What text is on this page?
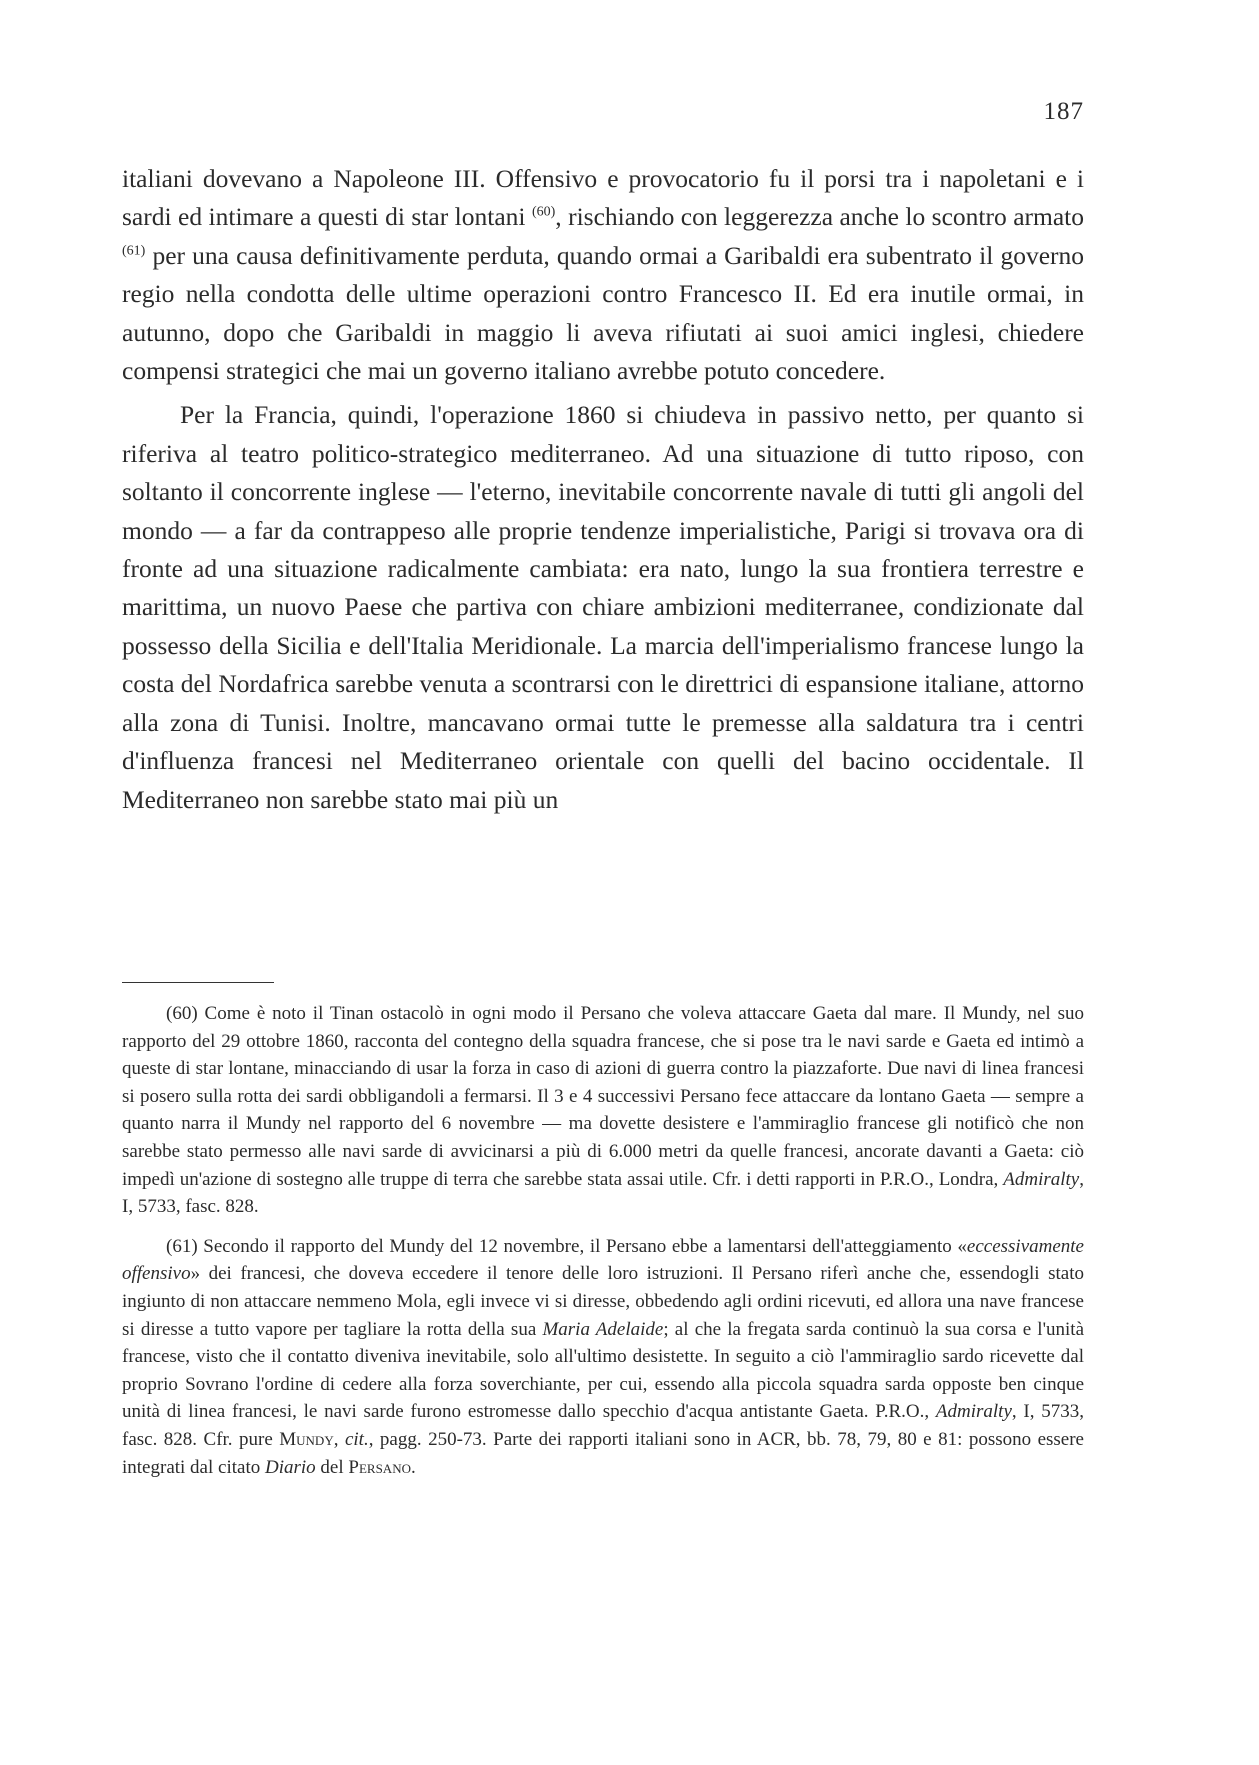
187

italiani dovevano a Napoleone III. Offensivo e provocatorio fu il porsi tra i napoletani e i sardi ed intimare a questi di star lontani $^{(60)}$, rischiando con leggerezza anche lo scontro armato $^{(61)}$ per una causa definitivamente perduta, quando ormai a Garibaldi era subentrato il governo regio nella condotta delle ultime operazioni contro Francesco II. Ed era inutile ormai, in autunno, dopo che Garibaldi in maggio li aveva rifiutati ai suoi amici inglesi, chiedere compensi strategici che mai un governo italiano avrebbe potuto concedere.

Per la Francia, quindi, l'operazione 1860 si chiudeva in passivo netto, per quanto si riferiva al teatro politico-strategico mediterraneo. Ad una situazione di tutto riposo, con soltanto il concorrente inglese — l'eterno, inevitabile concorrente navale di tutti gli angoli del mondo — a far da contrappeso alle proprie tendenze imperialistiche, Parigi si trovava ora di fronte ad una situazione radicalmente cambiata: era nato, lungo la sua frontiera terrestre e marittima, un nuovo Paese che partiva con chiare ambizioni mediterranee, condizionate dal possesso della Sicilia e dell'Italia Meridionale. La marcia dell'imperialismo francese lungo la costa del Nordafrica sarebbe venuta a scontrarsi con le direttrici di espansione italiane, attorno alla zona di Tunisi. Inoltre, mancavano ormai tutte le premesse alla saldatura tra i centri d'influenza francesi nel Mediterraneo orientale con quelli del bacino occidentale. Il Mediterraneo non sarebbe stato mai più un

(60) Come è noto il Tinan ostacolò in ogni modo il Persano che voleva attaccare Gaeta dal mare. Il Mundy, nel suo rapporto del 29 ottobre 1860, racconta del contegno della squadra francese, che si pose tra le navi sarde e Gaeta ed intimò a queste di star lontane, minacciando di usar la forza in caso di azioni di guerra contro la piazzaforte. Due navi di linea francesi si posero sulla rotta dei sardi obbligandoli a fermarsi. Il 3 e 4 successivi Persano fece attaccare da lontano Gaeta — sempre a quanto narra il Mundy nel rapporto del 6 novembre — ma dovette desistere e l'ammiraglio francese gli notificò che non sarebbe stato permesso alle navi sarde di avvicinarsi a più di 6.000 metri da quelle francesi, ancorate davanti a Gaeta: ciò impedì un'azione di sostegno alle truppe di terra che sarebbe stata assai utile. Cfr. i detti rapporti in P.R.O., Londra, Admiralty, I, 5733, fasc. 828.

(61) Secondo il rapporto del Mundy del 12 novembre, il Persano ebbe a lamentarsi dell'atteggiamento «eccessivamente offensivo» dei francesi, che doveva eccedere il tenore delle loro istruzioni. Il Persano riferì anche che, essendogli stato ingiunto di non attaccare nemmeno Mola, egli invece vi si diresse, obbedendo agli ordini ricevuti, ed allora una nave francese si diresse a tutto vapore per tagliare la rotta della sua Maria Adelaide; al che la fregata sarda continuò la sua corsa e l'unità francese, visto che il contatto diveniva inevitabile, solo all'ultimo desistette. In seguito a ciò l'ammiraglio sardo ricevette dal proprio Sovrano l'ordine di cedere alla forza soverchiante, per cui, essendo alla piccola squadra sarda opposte ben cinque unità di linea francesi, le navi sarde furono estromesse dallo specchio d'acqua antistante Gaeta. P.R.O., Admiralty, I, 5733, fasc. 828. Cfr. pure Mundy, cit., pagg. 250-73. Parte dei rapporti italiani sono in ACR, bb. 78, 79, 80 e 81: possono essere integrati dal citato Diario del Persano.
